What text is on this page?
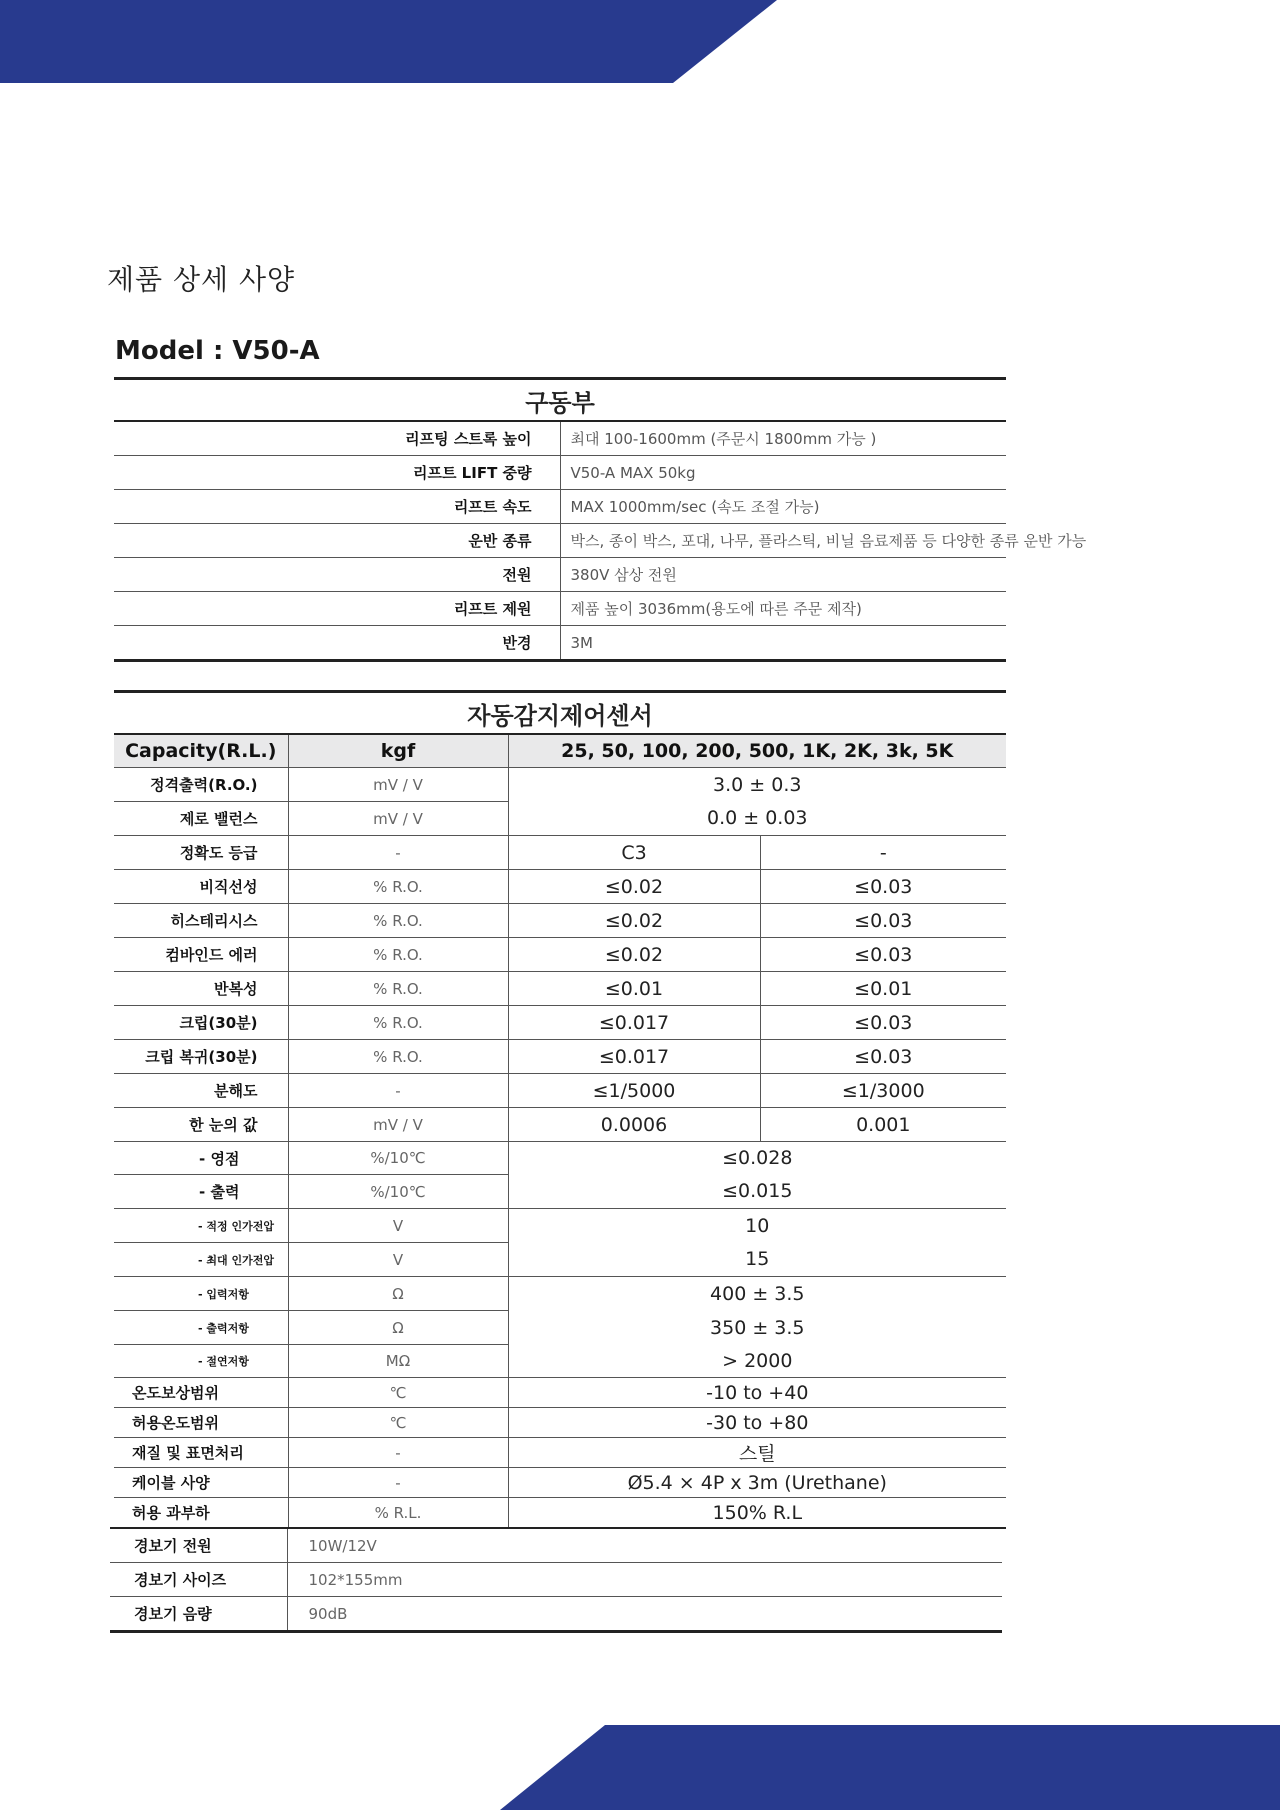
제품 상세 사양
Model : V50-A
구동부	
리프팅 스트록 높이	최대 100-1600mm (주문시 1800mm 가능 )
리프트 LIFT 중량	V50-A MAX 50kg
리프트 속도	MAX 1000mm/sec (속도 조절 가능)
운반 종류	박스, 종이 박스, 포대, 나무, 플라스틱, 비닐 음료제품 등 다양한 종류 운반 가능
전원	380V 삼상 전원
리프트 제원	제품 높이 3036mm(용도에 따른 주문 제작)
반경	3M
자동감지제어센서			
Capacity(R.L.)	kgf	25, 50, 100, 200, 500, 1K, 2K, 3k, 5K	
정격출력(R.O.)	mV / V	3.0 ± 0.3	
제로 밸런스	mV / V	0.0 ± 0.03	
정확도 등급	-	C3	-
비직선성	% R.O.	≤0.02	≤0.03
히스테리시스	% R.O.	≤0.02	≤0.03
컴바인드 에러	% R.O.	≤0.02	≤0.03
반복성	% R.O.	≤0.01	≤0.01
크립(30분)	% R.O.	≤0.017	≤0.03
크립 복귀(30분)	% R.O.	≤0.017	≤0.03
분해도	-	≤1/5000	≤1/3000
한 눈의 값	mV / V	0.0006	0.001
- 영점	%/10℃	≤0.028	
- 출력	%/10℃	≤0.015	
- 적정 인가전압	V	10	
- 최대 인가전압	V	15	
- 입력저항	Ω	400 ± 3.5	
- 출력저항	Ω	350 ± 3.5	
- 절연저항	MΩ	> 2000	
온도보상범위	℃	-10 to +40	
허용온도범위	℃	-30 to +80	
재질 및 표면처리	-	스틸	
케이블 사양	-	Ø5.4 × 4P x 3m (Urethane)	
허용 과부하	% R.L.	150% R.L	
경보기 전원	10W/12V
경보기 사이즈	102*155mm
경보기 음량	90dB
